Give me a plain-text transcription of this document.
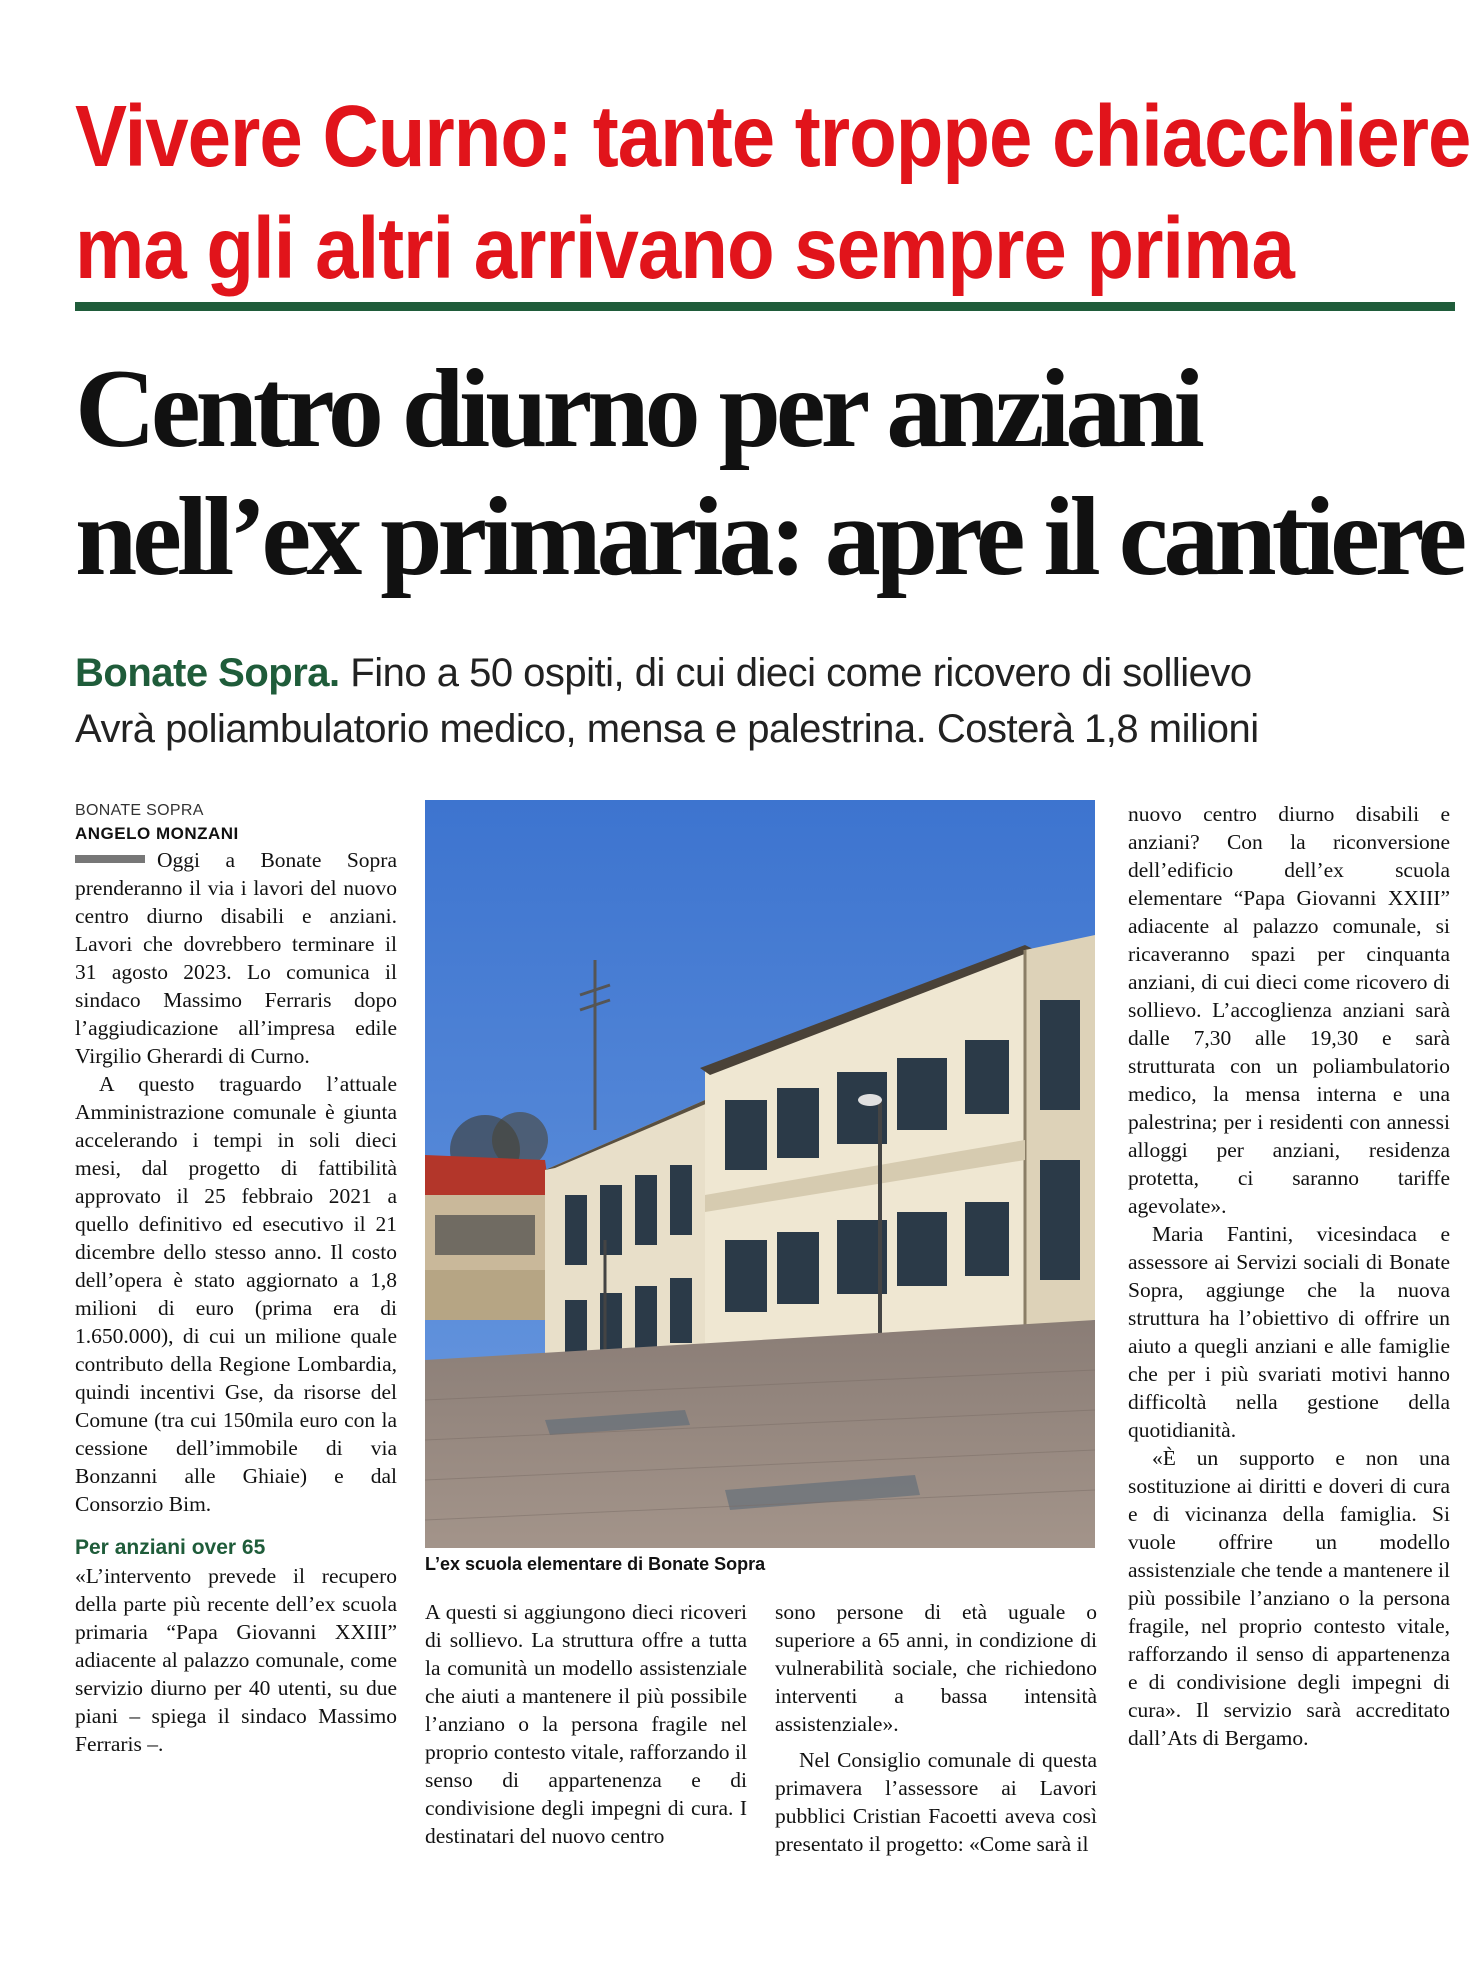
Vivere Curno: tante troppe chiacchiere
ma gli altri arrivano sempre prima
Centro diurno per anziani
nell’ex primaria: apre il cantiere
Bonate Sopra. Fino a 50 ospiti, di cui dieci come ricovero di sollievo
Avrà poliambulatorio medico, mensa e palestrina. Costerà 1,8 milioni
BONATE SOPRA
ANGELO MONZANI

Oggi a Bonate Sopra prenderanno il via i lavori del nuovo centro diurno disabili e anziani. Lavori che dovrebbero terminare il 31 agosto 2023. Lo comunica il sindaco Massimo Ferraris dopo l’aggiudicazione all’impresa edile Virgilio Gherardi di Curno.

A questo traguardo l’attuale Amministrazione comunale è giunta accelerando i tempi in soli dieci mesi, dal progetto di fattibilità approvato il 25 febbraio 2021 a quello definitivo ed esecutivo il 21 dicembre dello stesso anno. Il costo dell’opera è stato aggiornato a 1,8 milioni di euro (prima era di 1.650.000), di cui un milione quale contributo della Regione Lombardia, quindi incentivi Gse, da risorse del Comune (tra cui 150mila euro con la cessione dell’immobile di via Bonzanni alle Ghiaie) e dal Consorzio Bim.

Per anziani over 65

«L’intervento prevede il recupero della parte più recente dell’ex scuola primaria “Papa Giovanni XXIII” adiacente al palazzo comunale, come servizio diurno per 40 utenti, su due piani – spiega il sindaco Massimo Ferraris –.

L’ex scuola elementare di Bonate Sopra

A questi si aggiungono dieci ricoveri di sollievo. La struttura offre a tutta la comunità un modello assistenziale che aiuti a mantenere il più possibile l’anziano o la persona fragile nel proprio contesto vitale, rafforzando il senso di appartenenza e di condivisione degli impegni di cura. I destinatari del nuovo centro

sono persone di età uguale o superiore a 65 anni, in condizione di vulnerabilità sociale, che richiedono interventi a bassa intensità assistenziale».

Nel Consiglio comunale di questa primavera l’assessore ai Lavori pubblici Cristian Facoetti aveva così presentato il progetto: «Come sarà il

nuovo centro diurno disabili e anziani? Con la riconversione dell’edificio dell’ex scuola elementare “Papa Giovanni XXIII” adiacente al palazzo comunale, si ricaveranno spazi per cinquanta anziani, di cui dieci come ricovero di sollievo. L’accoglienza anziani sarà dalle 7,30 alle 19,30 e sarà strutturata con un poliambulatorio medico, la mensa interna e una palestrina; per i residenti con annessi alloggi per anziani, residenza protetta, ci saranno tariffe agevolate».

Maria Fantini, vicesindaca e assessore ai Servizi sociali di Bonate Sopra, aggiunge che la nuova struttura ha l’obiettivo di offrire un aiuto a quegli anziani e alle famiglie che per i più svariati motivi hanno difficoltà nella gestione della quotidianità.

«È un supporto e non una sostituzione ai diritti e doveri di cura e di vicinanza della famiglia. Si vuole offrire un modello assistenziale che tende a mantenere il più possibile l’anziano o la persona fragile, nel proprio contesto vitale, rafforzando il senso di appartenenza e di condivisione degli impegni di cura». Il servizio sarà accreditato dall’Ats di Bergamo.
